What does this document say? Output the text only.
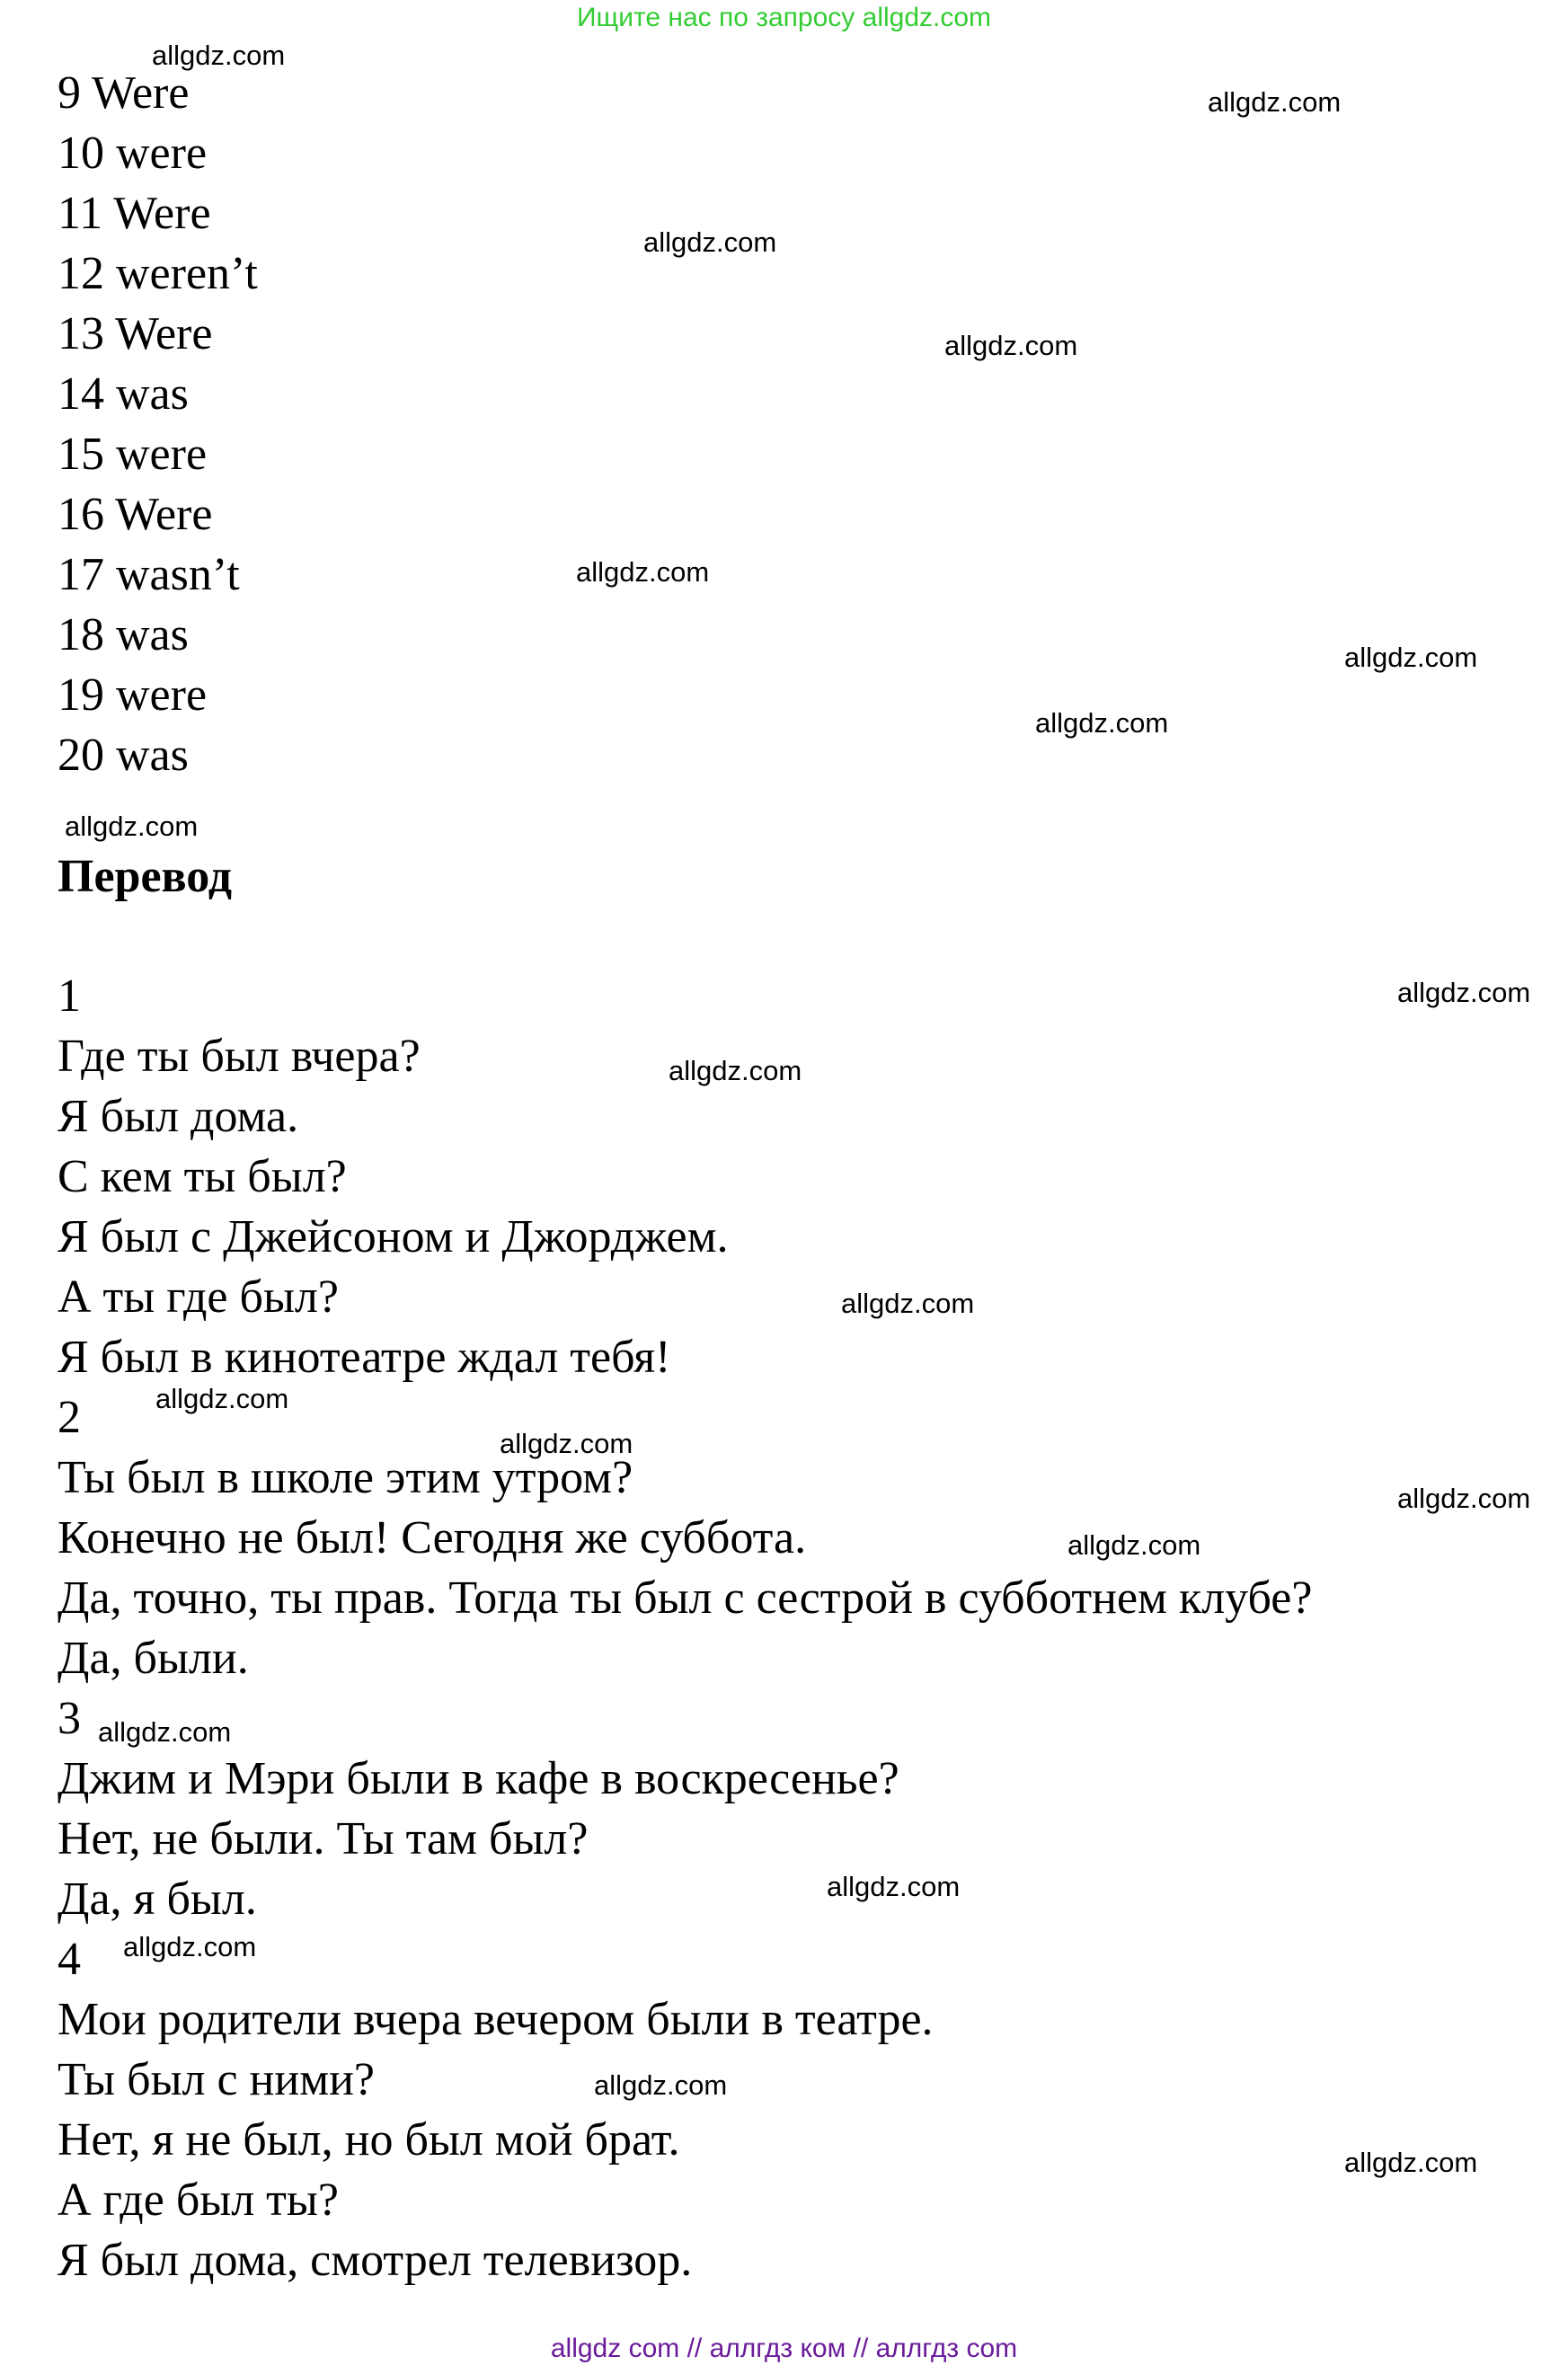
Ищите нас по запросу allgdz.com
9 Were
10 were
11 Were
12 weren’t
13 Were
14 was
15 were
16 Were
17 wasn’t
18 was
19 were
20 was
Перевод
1
Где ты был вчера?
Я был дома.
С кем ты был?
Я был с Джейсоном и Джорджем.
А ты где был?
Я был в кинотеатре ждал тебя!
2
Ты был в школе этим утром?
Конечно не был! Сегодня же суббота.
Да, точно, ты прав. Тогда ты был с сестрой в субботнем клубе?
Да, были.
3
Джим и Мэри были в кафе в воскресенье?
Нет, не были. Ты там был?
Да, я был.
4
Мои родители вчера вечером были в театре.
Ты был с ними?
Нет, я не был, но был мой брат.
А где был ты?
Я был дома, смотрел телевизор.
allgdz.com
allgdz.com
allgdz.com
allgdz.com
allgdz.com
allgdz.com
allgdz.com
allgdz.com
allgdz.com
allgdz.com
allgdz.com
allgdz.com
allgdz.com
allgdz.com
allgdz.com
allgdz.com
allgdz.com
allgdz.com
allgdz.com
allgdz.com
allgdz com // аллгдз ком // аллгдз com
